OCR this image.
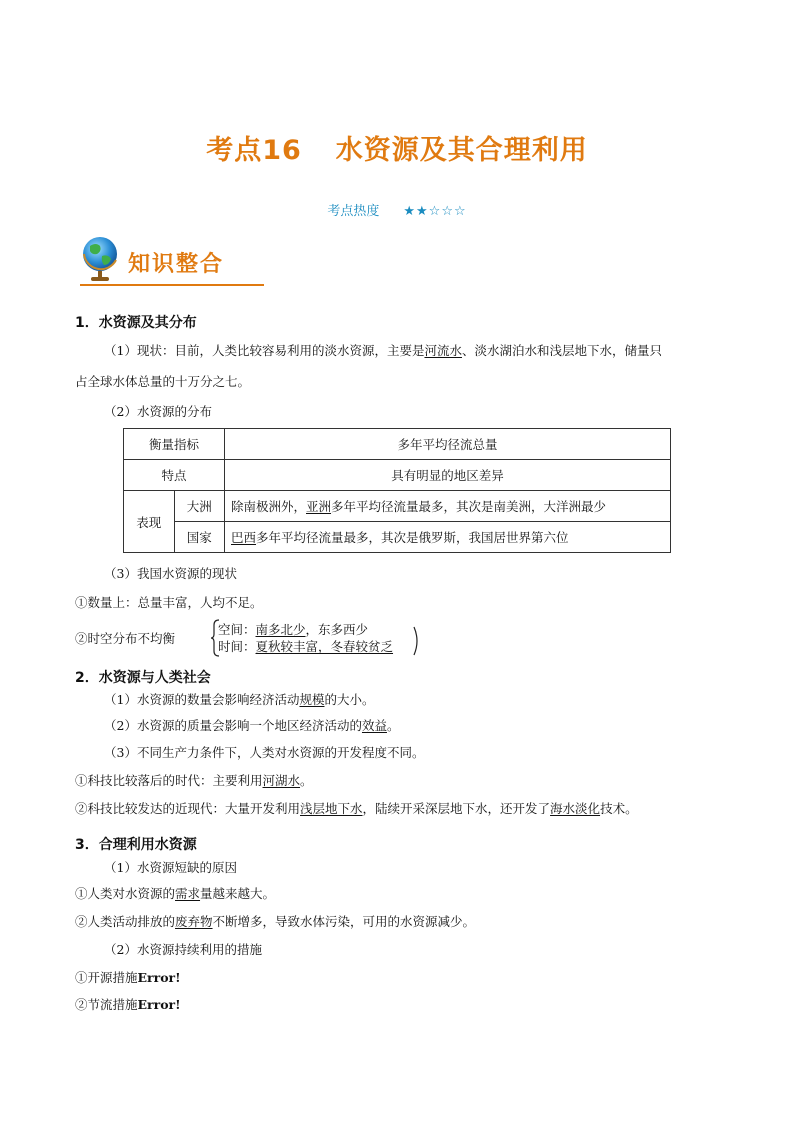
考点16 水资源及其合理利用
考点热度 ★★☆☆☆
知识整合
1．水资源及其分布
（1）现状：目前，人类比较容易利用的淡水资源，主要是河流水、淡水湖泊水和浅层地下水，储量只
占全球水体总量的十万分之七。
（2）水资源的分布
衡量指标		多年平均径流总量
特点		具有明显的地区差异
表现	大洲	除南极洲外，亚洲多年平均径流量最多，其次是南美洲，大洋洲最少
	国家	巴西多年平均径流量最多，其次是俄罗斯，我国居世界第六位
（3）我国水资源的现状
①数量上：总量丰富，人均不足。
②时空分布不均衡
空间：南多北少，东多西少
时间：夏秋较丰富，冬春较贫乏
2．水资源与人类社会
（1）水资源的数量会影响经济活动规模的大小。
（2）水资源的质量会影响一个地区经济活动的效益。
（3）不同生产力条件下，人类对水资源的开发程度不同。
①科技比较落后的时代：主要利用河湖水。
②科技比较发达的近现代：大量开发利用浅层地下水，陆续开采深层地下水，还开发了海水淡化技术。
3．合理利用水资源
（1）水资源短缺的原因
①人类对水资源的需求量越来越大。
②人类活动排放的废弃物不断增多，导致水体污染，可用的水资源减少。
（2）水资源持续利用的措施
①开源措施Error!
②节流措施Error!
